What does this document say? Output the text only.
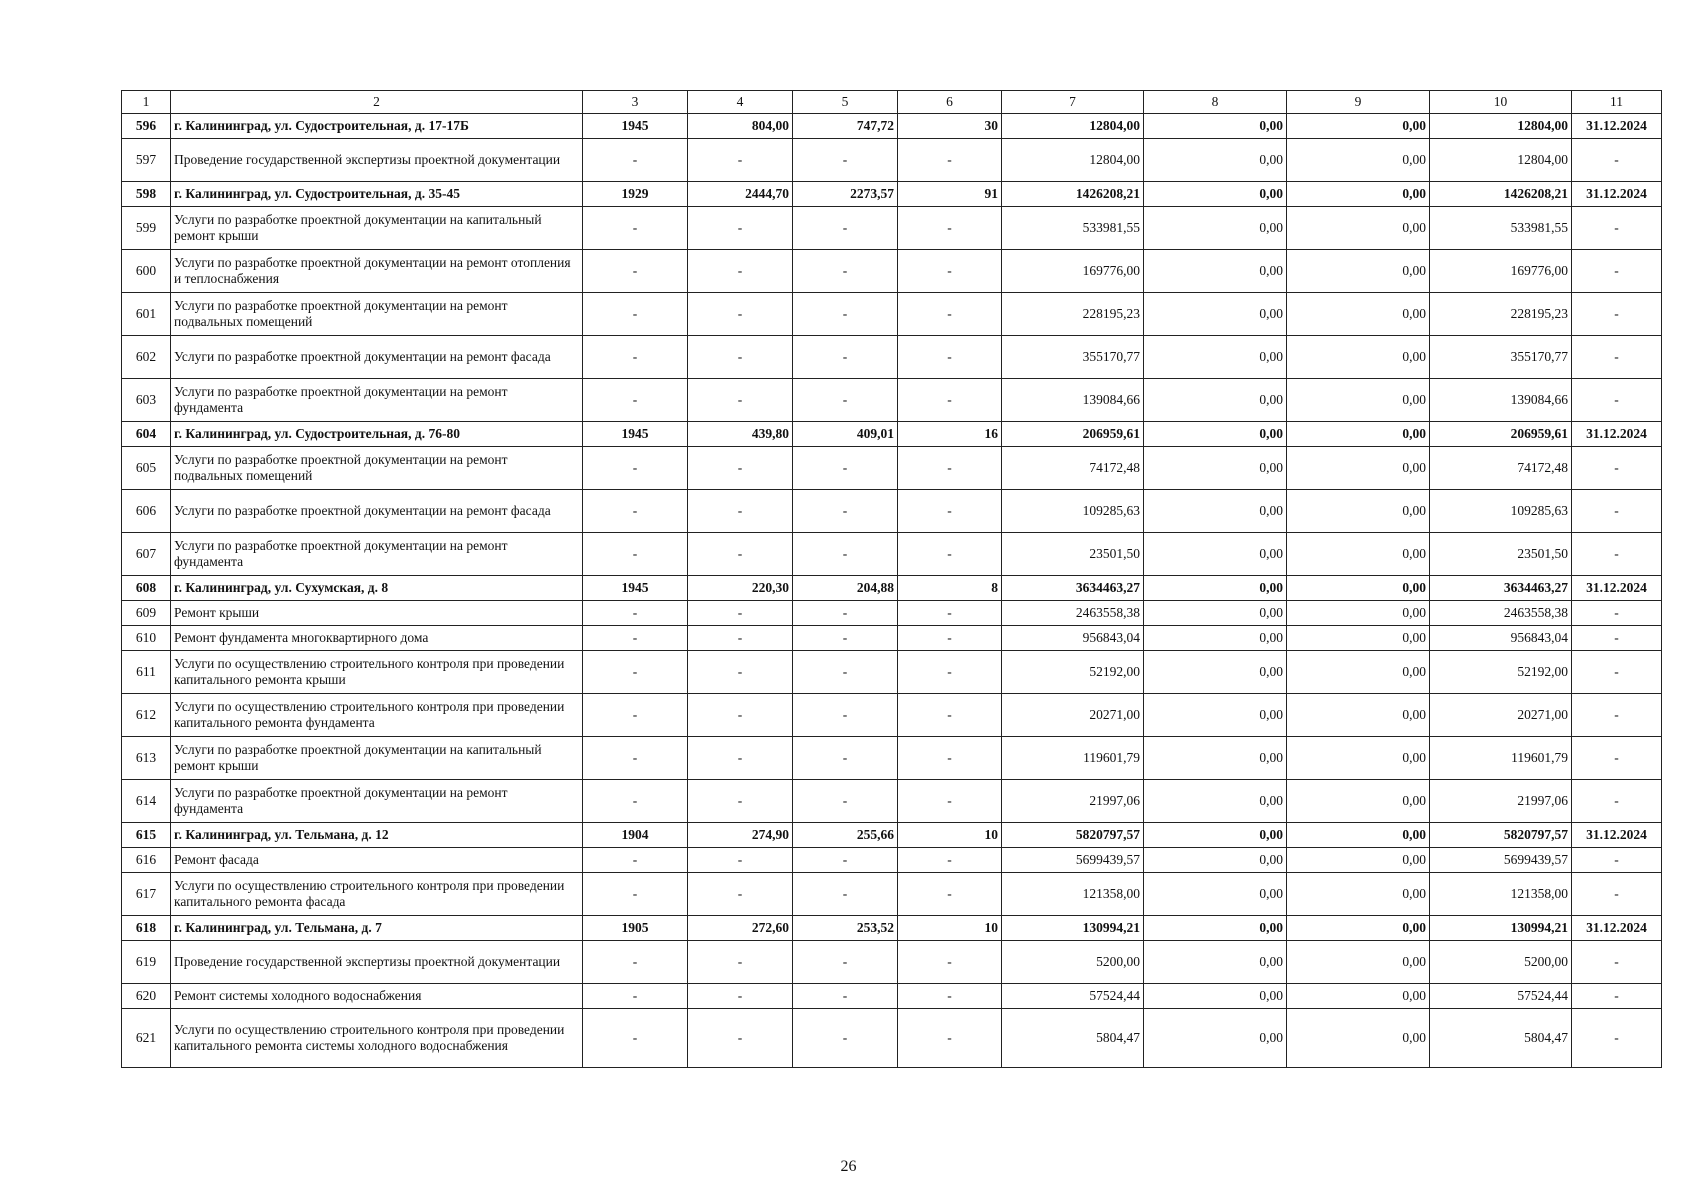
1	2	3	4	5	6	7	8	9	10	11
596	г. Калининград, ул. Судостроительная, д. 17-17Б	1945	804,00	747,72	30	12804,00	0,00	0,00	12804,00	31.12.2024
597	Проведение государственной экспертизы проектной документации	-	-	-	-	12804,00	0,00	0,00	12804,00	-
598	г. Калининград, ул. Судостроительная, д. 35-45	1929	2444,70	2273,57	91	1426208,21	0,00	0,00	1426208,21	31.12.2024
599	Услуги по разработке проектной документации на капитальный ремонт крыши	-	-	-	-	533981,55	0,00	0,00	533981,55	-
600	Услуги по разработке проектной документации на ремонт отопления и теплоснабжения	-	-	-	-	169776,00	0,00	0,00	169776,00	-
601	Услуги по разработке проектной документации на ремонт подвальных помещений	-	-	-	-	228195,23	0,00	0,00	228195,23	-
602	Услуги по разработке проектной документации на ремонт фасада	-	-	-	-	355170,77	0,00	0,00	355170,77	-
603	Услуги по разработке проектной документации на ремонт фундамента	-	-	-	-	139084,66	0,00	0,00	139084,66	-
604	г. Калининград, ул. Судостроительная, д. 76-80	1945	439,80	409,01	16	206959,61	0,00	0,00	206959,61	31.12.2024
605	Услуги по разработке проектной документации на ремонт подвальных помещений	-	-	-	-	74172,48	0,00	0,00	74172,48	-
606	Услуги по разработке проектной документации на ремонт фасада	-	-	-	-	109285,63	0,00	0,00	109285,63	-
607	Услуги по разработке проектной документации на ремонт фундамента	-	-	-	-	23501,50	0,00	0,00	23501,50	-
608	г. Калининград, ул. Сухумская, д. 8	1945	220,30	204,88	8	3634463,27	0,00	0,00	3634463,27	31.12.2024
609	Ремонт крыши	-	-	-	-	2463558,38	0,00	0,00	2463558,38	-
610	Ремонт фундамента многоквартирного дома	-	-	-	-	956843,04	0,00	0,00	956843,04	-
611	Услуги по осуществлению строительного контроля при проведении капитального ремонта крыши	-	-	-	-	52192,00	0,00	0,00	52192,00	-
612	Услуги по осуществлению строительного контроля при проведении капитального ремонта фундамента	-	-	-	-	20271,00	0,00	0,00	20271,00	-
613	Услуги по разработке проектной документации на капитальный ремонт крыши	-	-	-	-	119601,79	0,00	0,00	119601,79	-
614	Услуги по разработке проектной документации на ремонт фундамента	-	-	-	-	21997,06	0,00	0,00	21997,06	-
615	г. Калининград, ул. Тельмана, д. 12	1904	274,90	255,66	10	5820797,57	0,00	0,00	5820797,57	31.12.2024
616	Ремонт фасада	-	-	-	-	5699439,57	0,00	0,00	5699439,57	-
617	Услуги по осуществлению строительного контроля при проведении капитального ремонта фасада	-	-	-	-	121358,00	0,00	0,00	121358,00	-
618	г. Калининград, ул. Тельмана, д. 7	1905	272,60	253,52	10	130994,21	0,00	0,00	130994,21	31.12.2024
619	Проведение государственной экспертизы проектной документации	-	-	-	-	5200,00	0,00	0,00	5200,00	-
620	Ремонт системы холодного водоснабжения	-	-	-	-	57524,44	0,00	0,00	57524,44	-
621	Услуги по осуществлению строительного контроля при проведении капитального ремонта системы холодного водоснабжения	-	-	-	-	5804,47	0,00	0,00	5804,47	-
26
